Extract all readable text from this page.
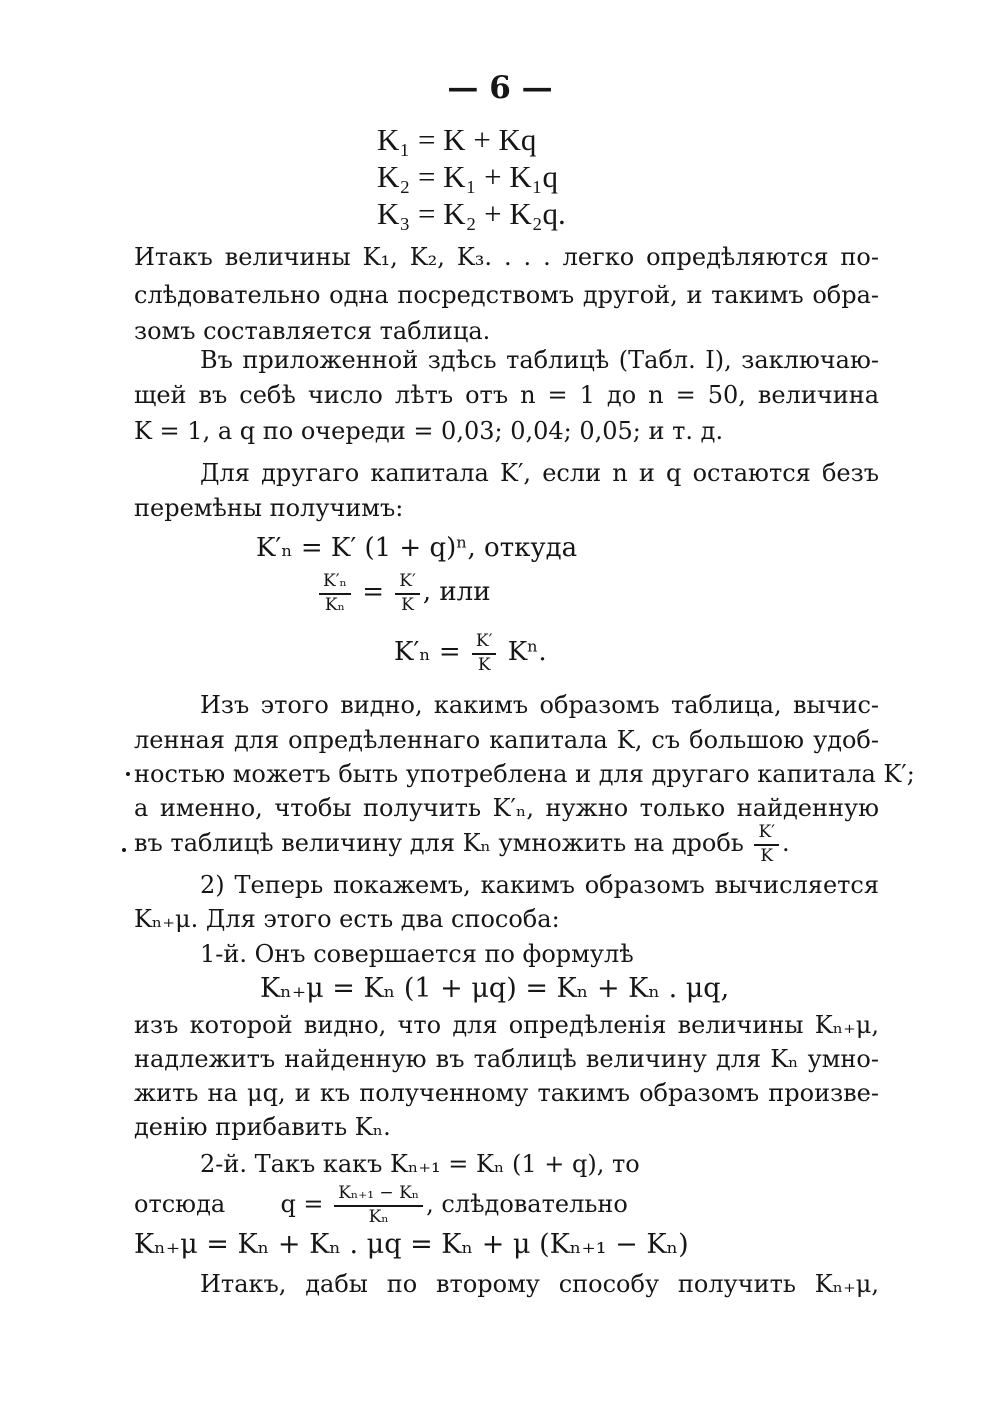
— 6 —

K₁ = K + Kq

K₂ = K₁ + K₁q

K₃ = K₂ + K₂q.

Итакъ величины K₁, K₂, K₃. . . . легко опредѣляются по-

слѣдовательно одна посредствомъ другой, и такимъ обра-

зомъ составляется таблица.

Въ приложенной здѣсь таблицѣ (Табл. I), заключаю-

щей въ себѣ число лѣтъ отъ n = 1 до n = 50, величина

K = 1, а q по очереди = 0,03; 0,04; 0,05; и т. д.

Для другаго капитала K′, если n и q остаются безъ

перемѣны получимъ:

K′ₙ = K′ (1 + q)ⁿ, откуда

$\frac{\text{K′ₙ}}{\text{Kₙ}} = \frac{K'}{K}$ , или
$K'_n = \frac{K'}{K} K^n$.

Изъ этого видно, какимъ образомъ таблица, вычис-

ленная для опредѣленнаго капитала K, съ большою удоб-

ностью можетъ быть употреблена и для другаго капитала K′;

а именно, чтобы получить K′ₙ, нужно только найденную

въ таблицѣ величину для Kₙ умножить на дробь $\frac{K'}{K}$ .

2) Теперь покажемъ, какимъ образомъ вычисляется

Kₙ₊μ. Для этого есть два способа:

1-й. Онъ совершается по формулѣ

Kₙ₊μ = Kₙ (1 + μq) = Kₙ + Kₙ . μq,

изъ которой видно, что для опредѣленія величины Kₙ₊μ,

надлежитъ найденную въ таблицѣ величину для Kₙ умно-

жить на μq, и къ полученному такимъ образомъ произве-

денію прибавить Kₙ.

2-й. Такъ какъ Kₙ₊₁ = Kₙ (1 + q), то

отсюда $q = \frac{\text{Kₙ₊₁ − Kₙ}}{\text{Kₙ}}$ , слѣдовательно

Kₙ₊μ = Kₙ + Kₙ . μq = Kₙ + μ (Kₙ₊₁ − Kₙ)

Итакъ, дабы по второму способу получить Kₙ₊μ,
